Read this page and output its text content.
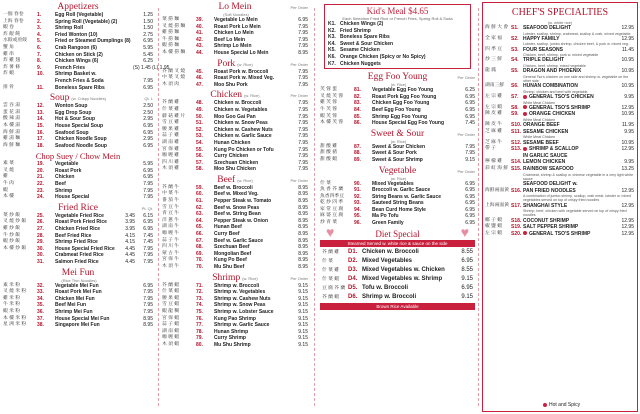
Appetizers
一個 春卷	1.	Egg Roll (Vegetable)	1.25
上海 春卷	2.	Spring Roll (Vegetable) (2)	1.50
蝦 卷	3.	Shrimp Roll	1.50
炸 餛 飩	4.	Fried Wonton (10)	2.75
水餃或煎餃	5.	Fried or Steamed Dumplings (8)	6.95
蟹 角	6.	Crab Rangoon (6)	5.95
雞 串	7.	Chicken on Stick (2)	5.45
炸 雞 翅	8.	Chicken Wings (6)	6.25
炸 薯 條	9.	French Fries	(S) 1.45 (L) 1.95
炸 蝦	10.	Shrimp Basket w.
French Fries & Soda	7.95
排 骨	11.	Boneless Spare Ribs	6.95
Soup (w. Crispy Noodles)	Qt. L
雲 吞 湯	12.	Wonton Soup	2.50
蛋 花 湯	13.	Egg Drop Soup	2.50
酸 辣 湯	14.	Hot & Sour Soup	2.95
本 樓 湯	15.	House Special Soup	6.95
海 鮮 湯	16.	Seafood Soup	6.95
雞 湯 麵	17.	Chicken Noodle Soup	2.95
海 鮮 麵	18.	Seafood Noodle Soup	6.95
Chop Suey / Chow Mein
素 菜	19.	Vegetable	5.95
叉 燒	20.	Roast Pork	6.95
雞	21.	Chicken	6.95
牛 肉	22.	Beef	7.95
蝦	23.	Shrimp	7.95
本 樓	24.	House Special	7.95
Fried Rice	Pt. Qt.
菜 炒 飯	25.	Vegetable Fried Rice	3.45	6.15
叉 燒 炒 飯	26.	Roast Pork Fried Rice	3.95	6.95
雞 炒 飯	27.	Chicken Fried Rice	3.95	6.95
牛 炒 飯	28.	Beef Fried Rice	4.15	7.45
蝦 炒 飯	29.	Shrimp Fried Rice	4.15	7.45
本 樓 炒 飯	30.	House Special Fried Rice	4.45	7.95
30.	Crabmeat Fried Rice	4.45	7.95
31.	Salmon Fried Rice	4.45	7.95
Mei Fun
(Rice Thin Noodles)
素 米 粉	32.	Vegetable Mei Fun	6.95
叉 燒 米 粉	33.	Roast Pork Mei Fun	7.95
雞 米 粉	34.	Chicken Mei Fun	7.95
牛 米 粉	35.	Beef Mei Fun	7.95
蝦 米 粉	36.	Shrimp Mei Fun	7.95
本 樓 米 粉	37.	House Special Mei Fun	8.95
星 洲 米 粉	38.	Singapore Mei Fun	8.95
Lo Mein	Per Order
(Soft Noodles)
菜 撈 麵	39.	Vegetable Lo Mein	6.95
叉 燒 撈 麵	40.	Roast Pork Lo Mein	7.95
雞 撈 麵	41.	Chicken Lo Mein	7.95
牛 撈 麵	42.	Beef Lo Mein	7.95
蝦 撈 麵	43.	Shrimp Lo Mein	7.95
本 樓 撈 麵	44.	House Special Lo Mein	8.95
Pork (w. Rice)	Per Order
芥 蘭 叉 燒	45.	Roast Pork w. Broccoli	7.95
中 菜 叉 燒	46.	Roast Pork w. Mixed Veg.	7.95
木 須 肉	47.	Moo Shu Pork	7.95
Chicken (w. Rice)	Per Order
芥 蘭 雞	48.	Chicken w. Broccoli	7.95
什 菜 雞	49.	Chicken w. Vegetables	7.95
蘑 菇 雞 片	50.	Moo Goo Gai Pan	7.95
雪 豆 雞	51.	Chicken w. Snow Peas	7.95
腰 果 雞	52.	Chicken w. Cashew Nuts	7.95
蒜 子 雞	53.	Chicken w. Garlic Sauce	7.95
湖 南 雞	54.	Hunan Chicken	7.95
宮 保 雞	55.	Kung Po Chicken or Tofu	7.95
咖 喱 雞	56.	Curry Chicken	7.95
四 川 雞	57.	Szechuan Chicken	7.95
木 須 雞	58.	Moo Shu Chicken	7.95
Beef (w. Rice)	Per Order
芥 蘭 牛	59.	Beef w. Broccoli	8.95
中 菜 牛	60.	Beef w. Mixed Veg.	8.95
番 茄 牛	61.	Pepper Steak w. Tomato	8.95
雪 豆 牛	62.	Beef w. Snow Peas	8.95
青 豆 牛	63.	Beef w. String Bean	8.95
洋 蔥 牛	64.	Pepper Steak w. Onion	8.95
湖 南 牛	65.	Hunan Beef	8.95
咖 喱 牛	66.	Curry Beef	8.95
蒜 子 牛	67.	Beef w. Garlic Sauce	8.95
四 川 牛	68.	Szechuan Beef	8.95
蒙 古 牛	69.	Mongolian Beef	8.95
宮 保 牛	70.	Kung Po Beef	8.95
木 須 牛	70.	Mu Shu Beef	8.95
Shrimp (w. Rice)	Per Order
芥 蘭 蝦	71.	Shrimp w. Broccoli	9.15
什 菜 蝦	72.	Shrimp w. Vegetables	9.15
腰 果 蝦	73.	Shrimp w. Cashew Nuts	9.15
雪 豆 蝦	74.	Shrimp w. Snow Peas	9.15
蝦 龍 糊	75.	Shrimp w. Lobster Sauce	9.15
宮 保 蝦	76.	Kung Pao Shrimp	9.15
蒜 子 蝦	77.	Shrimp w. Garlic Sauce	9.15
湖 南 蝦	78.	Hunan Shrimp	9.15
咖 喱 蝦	79.	Curry Shrimp	9.15
木 須 蝦	80.	Mu Shu Shrimp	9.15
Kid's Meal $4.65
Each Selection Fried Rice or French Fries, Spring Roll & Soda
K1. Chicken Wings (2)
K2. Fried Shrimp
K3. Boneless Spare Ribs
K4. Sweet & Sour Chicken
K5. Sesame Chicken
K6. Orange Chicken (Spicy or No Spicy)
K7. Chicken Nuggets
Egg Foo Young	Per Order
(w. Rice)
芙 蓉 蛋	81.	Vegetable Egg Foo Young	6.25
叉 燒 芙 蓉	82.	Roast Pork Egg Foo Young	6.95
雞 芙 蓉	83.	Chicken Egg Foo Young	6.95
牛 芙 蓉	84.	Beef Egg Foo Young	6.95
蝦 芙 蓉	85.	Shrimp Egg Foo Young	6.95
本 樓 芙 蓉	86.	House Special Egg Foo Young	7.45
Sweet & Sour	Per Order
(w. Rice)
甜 酸 雞	87.	Sweet & Sour Chicken	7.95
甜 酸 豬	88.	Sweet & Sour Pork	7.95
甜 酸 蝦	89.	Sweet & Sour Shrimp	9.15
Vegetable	Per Order
(w. Rice)
什 菜	90.	Mixed Vegetables	6.95
魚 香 芥 蘭	91.	Broccoli w. Garlic Sauce	6.95
魚香四季豆	92.	String Beans w. Garlic Sauce	6.95
乾 炒 四 季	93.	Sauteed String Beans	6.95
家 常 豆 腐	94.	Bean Curd Home Style	6.95
麻 婆 豆 腐	95.	Ma Po Tofu	6.95
炒 青 菜	96.	Green Family	6.95
♥	♥
Diet Special
Steamed Served w. white rice & sauce on the side
芥 蘭 雞	D1. Chicken w. Broccoli	8.55
什 菜	D2. Mixed Vegetables	6.95
什 菜 雞	D3. Mixed Vegetables w. Chicken	8.55
什 菜 蝦	D4. Mixed Vegetables w. Shrimp	9.15
豆 腐 芥 蘭 D5. Tofu w. Broccoli	6.95
芥 蘭 蝦	D6. Shrimp w. Broccoli	9.15
Brown Rice Available
CHEF'S SPECIALTIES
(w. white rice)
海 鮮 大 會 S1. SEAFOOD DELIGHT	12.95
Lobster, scallop, shrimp, crabmeat, scallop & crab, mixed vegetable
全 家 福	S2. HAPPY FAMILY	12.95
Lobster, scallop, jumbo shrimp, chicken beef, & pork w. mixed veg.
四 季 豆	S3. FOUR SEASONS	11.45
Chicken, beef, shrimp, pork w. mixed vegetable
炒 三 鮮	S4. TRIPLE DELIGHT	10.95
Chicken, beef, shrimp, mixed vegetable
龍 鳳	S5. DRAGON AND PHOENIX	10.95
General Tso's chicken on one side and shrimp w. vegetable on the other side
湖南三鮮	S6. HUNAN COMBINATION	10.95
Shrimp, chicken and beef with vegetable
左 宗 雞	S7.	GENERAL TSO'S CHICKEN	9.95
White Meat Chicken
左 宗 蝦	S8.	GENERAL TSO'S SHRIMP	12.95
陳 皮 雞	S9.	ORANGE CHICKEN	10.95
White Meat Chicken
陳 皮 牛	S10. ORANGE BEEF	11.95
芝 麻 雞	S11. SESAME CHICKEN	9.95
White Meat Chicken
芝 麻 牛	S12. SESAME BEEF	10.95
帶 子	S13.	SHRIMP & SCALLOP	12.95
IN GARLIC SAUCE
檸 檬 雞	S14. LEMON CHICKEN	9.95
彩 虹 海 鮮 S15. RAINBOW SEAFOOD	13.25
Crabmeat, shrimp & scallop w. chinese vegetable in a very light white sauce
SEAFOOD DELIGHT w.
海鮮兩面黃 S16. PAN FRIED NOODLES	12.95
A combination of jumbo shrimp, scallop, crab meat, lobster w. mixed vegetables served on top of crispy fried noodles
上海兩面黃 S17. SHANGHAI STYLE	12.95
Shrimp, beef, chicken with vegetable served on top of crispy fried noodles
椰 子 蝦	S18. COCONUT SHRIMP	12.95
椒 鹽 蝦	S19. SALT PEPPER SHRIMP	12.95
左 宗 蝦	S20.	GENERAL TSO'S SHRIMP	12.95
Hot and Spicy
